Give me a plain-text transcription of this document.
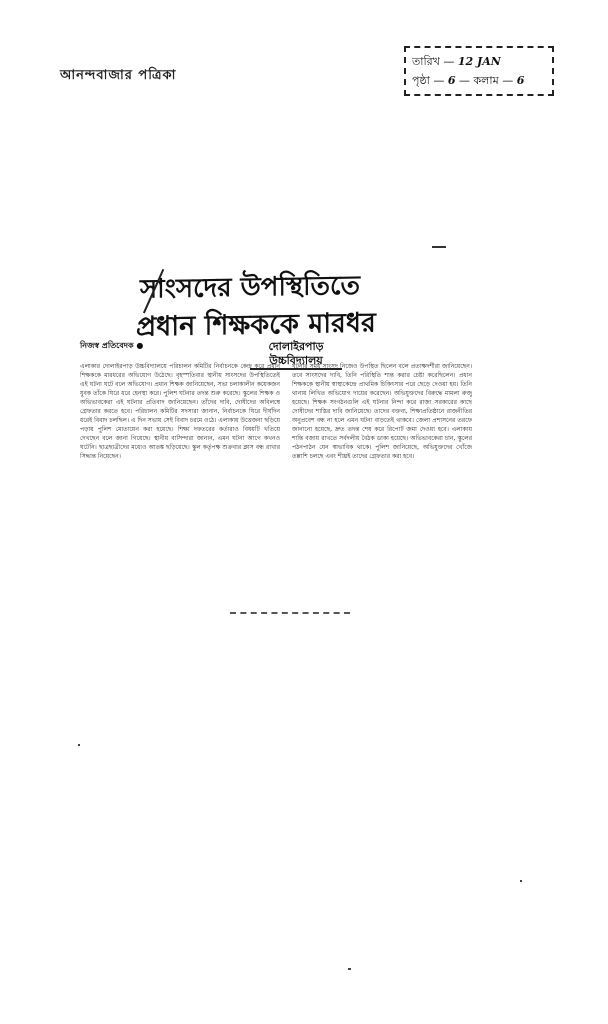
আনন্দবাজার পত্রিকা
তারিখ — 12 JAN
পৃষ্ঠা — 6 — কলাম — 6
সাংসদের উপস্থিতিতে
প্রধান শিক্ষককে মারধর
নিজস্ব প্রতিবেদক ●	দোলাইরপাড়
উচ্চবিদ্যালয়
এলাকার দোলাইরপাড় উচ্চবিদ্যালয়ে পরিচালন কমিটির নির্বাচনকে কেন্দ্র করে প্রধান শিক্ষককে মারধরের অভিযোগ উঠেছে। বৃহস্পতিবার স্থানীয় সাংসদের উপস্থিতিতেই এই ঘটনা ঘটে বলে অভিযোগ। প্রধান শিক্ষক জানিয়েছেন, সভা চলাকালীন কয়েকজন যুবক তাঁকে ঘিরে ধরে হেনস্থা করে। পুলিশ ঘটনার তদন্ত শুরু করেছে। স্কুলের শিক্ষক ও অভিভাবকেরা এই ঘটনার প্রতিবাদ জানিয়েছেন। তাঁদের দাবি, দোষীদের অবিলম্বে গ্রেফতার করতে হবে। পরিচালন কমিটির সদস্যরা জানান, নির্বাচনকে ঘিরে দীর্ঘদিন ধরেই বিবাদ চলছিল। এ দিন সভায় সেই বিবাদ চরমে ওঠে। এলাকায় উত্তেজনা ছড়িয়ে পড়ায় পুলিশ মোতায়েন করা হয়েছে। শিক্ষা দফতরের কর্তারাও বিষয়টি খতিয়ে দেখছেন বলে জানা গিয়েছে। স্থানীয় বাসিন্দারা জানান, এমন ঘটনা আগে কখনও ঘটেনি। ছাত্রছাত্রীদের মধ্যেও আতঙ্ক ছড়িয়েছে। স্কুল কর্তৃপক্ষ শুক্রবার ক্লাস বন্ধ রাখার সিদ্ধান্ত নিয়েছেন।
ঘটনার সময় সাংসদ নিজেও উপস্থিত ছিলেন বলে প্রত্যক্ষদর্শীরা জানিয়েছেন। তবে সাংসদের দাবি, তিনি পরিস্থিতি শান্ত করার চেষ্টা করেছিলেন। প্রধান শিক্ষককে স্থানীয় স্বাস্থ্যকেন্দ্রে প্রাথমিক চিকিৎসার পরে ছেড়ে দেওয়া হয়। তিনি থানায় লিখিত অভিযোগ দায়ের করেছেন। অভিযুক্তদের বিরুদ্ধে মামলা রুজু হয়েছে। শিক্ষক সংগঠনগুলি এই ঘটনার নিন্দা করে রাজ্য সরকারের কাছে দোষীদের শাস্তির দাবি জানিয়েছে। তাদের বক্তব্য, শিক্ষাপ্রতিষ্ঠানে রাজনীতির অনুপ্রবেশ বন্ধ না হলে এমন ঘটনা বাড়তেই থাকবে। জেলা প্রশাসনের তরফে জানানো হয়েছে, দ্রুত তদন্ত শেষ করে রিপোর্ট জমা দেওয়া হবে। এলাকায় শান্তি বজায় রাখতে সর্বদলীয় বৈঠক ডাকা হয়েছে। অভিভাবকেরা চান, স্কুলের পঠনপাঠন যেন স্বাভাবিক থাকে। পুলিশ জানিয়েছে, অভিযুক্তদের খোঁজে তল্লাশি চলছে এবং শীঘ্রই তাদের গ্রেফতার করা হবে।
